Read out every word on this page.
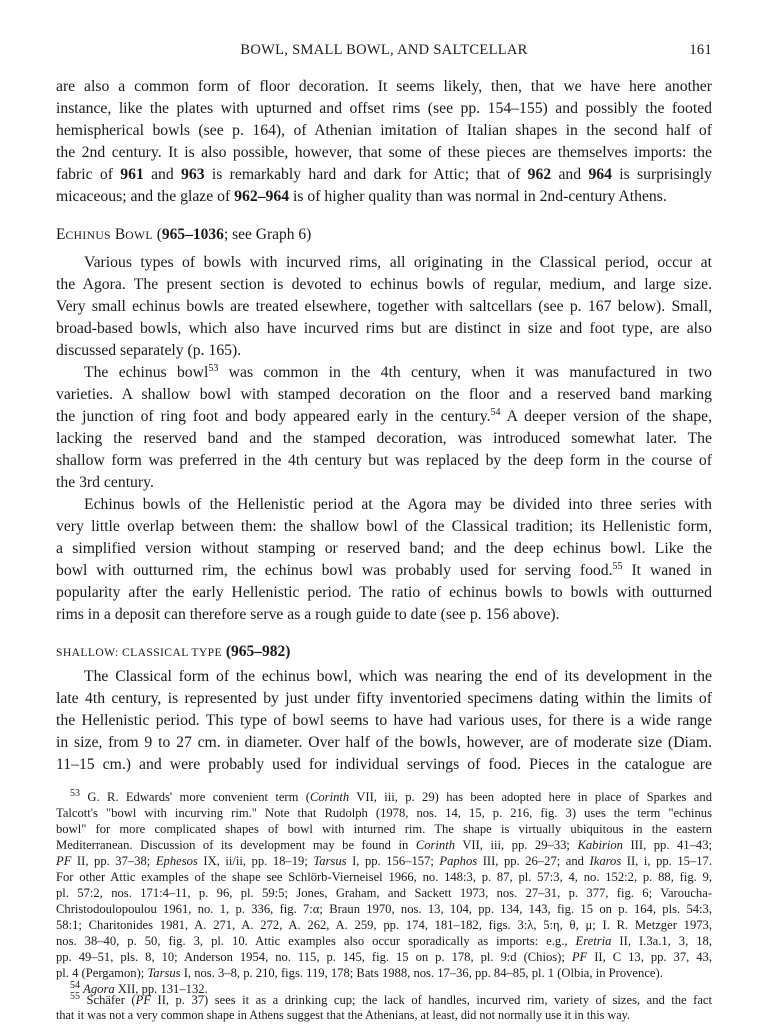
BOWL, SMALL BOWL, AND SALTCELLAR	161
are also a common form of floor decoration. It seems likely, then, that we have here another
instance, like the plates with upturned and offset rims (see pp. 154–155) and possibly the footed
hemispherical bowls (see p. 164), of Athenian imitation of Italian shapes in the second half of
the 2nd century. It is also possible, however, that some of these pieces are themselves imports: the
fabric of 961 and 963 is remarkably hard and dark for Attic; that of 962 and 964 is surprisingly
micaceous; and the glaze of 962–964 is of higher quality than was normal in 2nd-century Athens.
ECHINUS BOWL (965–1036; see Graph 6)
Various types of bowls with incurved rims, all originating in the Classical period, occur at
the Agora. The present section is devoted to echinus bowls of regular, medium, and large size.
Very small echinus bowls are treated elsewhere, together with saltcellars (see p. 167 below). Small,
broad-based bowls, which also have incurved rims but are distinct in size and foot type, are also
discussed separately (p. 165).
The echinus bowl$^{53}$ was common in the 4th century, when it was manufactured in two
varieties. A shallow bowl with stamped decoration on the floor and a reserved band marking
the junction of ring foot and body appeared early in the century.$^{54}$ A deeper version of the shape,
lacking the reserved band and the stamped decoration, was introduced somewhat later. The
shallow form was preferred in the 4th century but was replaced by the deep form in the course of
the 3rd century.
Echinus bowls of the Hellenistic period at the Agora may be divided into three series with
very little overlap between them: the shallow bowl of the Classical tradition; its Hellenistic form,
a simplified version without stamping or reserved band; and the deep echinus bowl. Like the
bowl with outturned rim, the echinus bowl was probably used for serving food.$^{55}$ It waned in
popularity after the early Hellenistic period. The ratio of echinus bowls to bowls with outturned
rims in a deposit can therefore serve as a rough guide to date (see p. 156 above).
SHALLOW: CLASSICAL TYPE (965–982)
The Classical form of the echinus bowl, which was nearing the end of its development in the
late 4th century, is represented by just under fifty inventoried specimens dating within the limits of
the Hellenistic period. This type of bowl seems to have had various uses, for there is a wide range
in size, from 9 to 27 cm. in diameter. Over half of the bowls, however, are of moderate size (Diam.
11–15 cm.) and were probably used for individual servings of food. Pieces in the catalogue are
$^{53}$ G. R. Edwards' more convenient term (Corinth VII, iii, p. 29) has been adopted here in place of Sparkes and
Talcott's "bowl with incurving rim." Note that Rudolph (1978, nos. 14, 15, p. 216, fig. 3) uses the term "echinus
bowl" for more complicated shapes of bowl with inturned rim. The shape is virtually ubiquitous in the eastern
Mediterranean. Discussion of its development may be found in Corinth VII, iii, pp. 29–33; Kabirion III, pp. 41–43;
PF II, pp. 37–38; Ephesos IX, ii/ii, pp. 18–19; Tarsus I, pp. 156–157; Paphos III, pp. 26–27; and Ikaros II, i, pp. 15–17.
For other Attic examples of the shape see Schlörb-Vierneisel 1966, no. 148:3, p. 87, pl. 57:3, 4, no. 152:2, p. 88, fig. 9,
pl. 57:2, nos. 171:4–11, p. 96, pl. 59:5; Jones, Graham, and Sackett 1973, nos. 27–31, p. 377, fig. 6; Varoucha-
Christodoulopoulou 1961, no. 1, p. 336, fig. 7:α; Braun 1970, nos. 13, 104, pp. 134, 143, fig. 15 on p. 164, pls. 54:3,
58:1; Charitonides 1981, A. 271, A. 272, A. 262, A. 259, pp. 174, 181–182, figs. 3:λ, 5:η, θ, μ; I. R. Metzger 1973,
nos. 38–40, p. 50, fig. 3, pl. 10. Attic examples also occur sporadically as imports: e.g., Eretria II, I.3a.1, 3, 18,
pp. 49–51, pls. 8, 10; Anderson 1954, no. 115, p. 145, fig. 15 on p. 178, pl. 9:d (Chios); PF II, C 13, pp. 37, 43,
pl. 4 (Pergamon); Tarsus I, nos. 3–8, p. 210, figs. 119, 178; Bats 1988, nos. 17–36, pp. 84–85, pl. 1 (Olbia, in Provence).
$^{54}$ Agora XII, pp. 131–132.
$^{55}$ Schäfer (PF II, p. 37) sees it as a drinking cup; the lack of handles, incurved rim, variety of sizes, and the fact
that it was not a very common shape in Athens suggest that the Athenians, at least, did not normally use it in this way.
